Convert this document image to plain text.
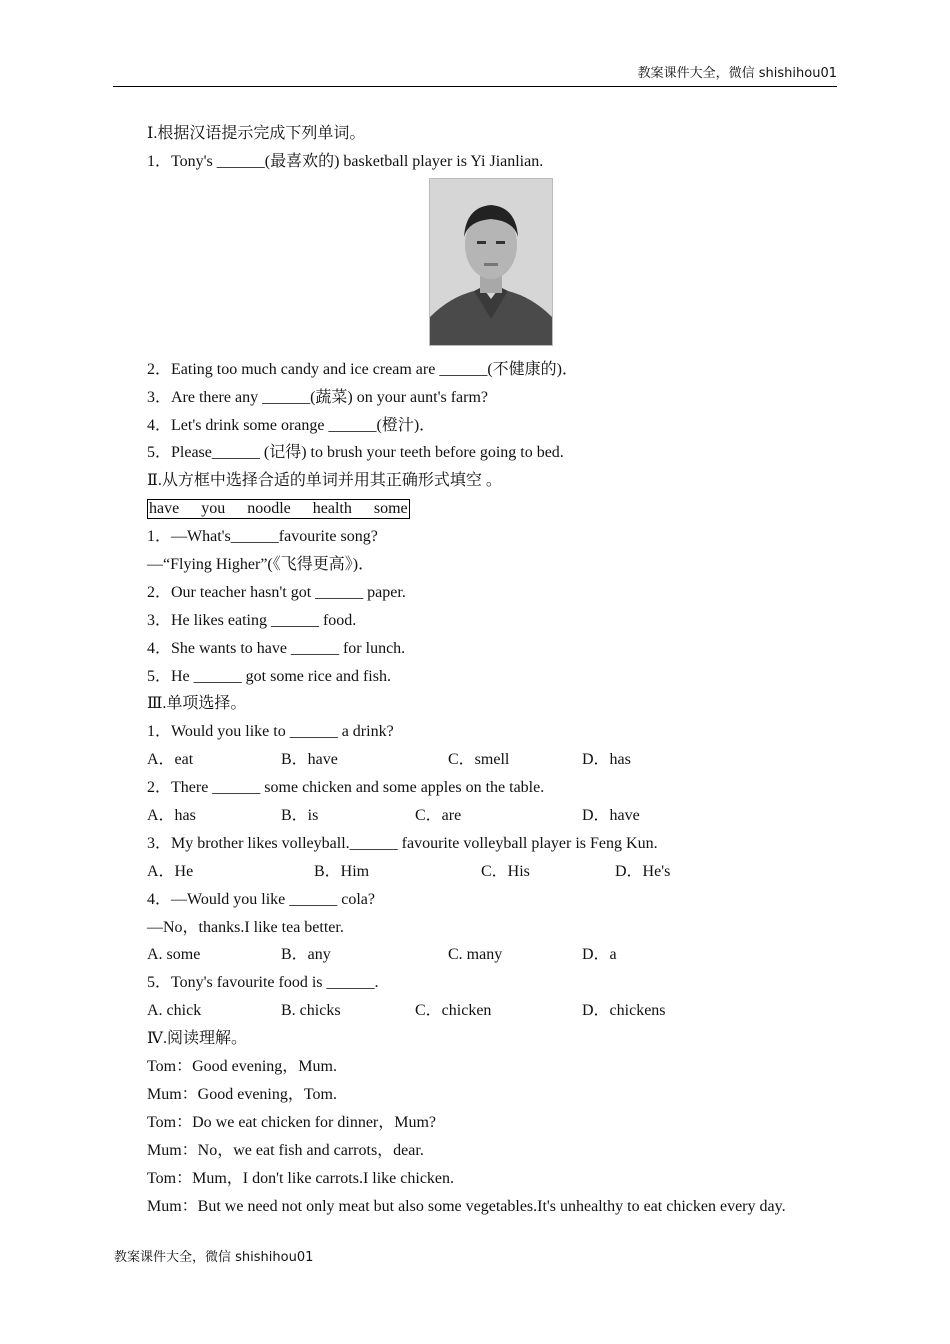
教案课件大全，微信 shishihou01
Ⅰ.根据汉语提示完成下列单词。
1．Tony's ______(最喜欢的) basketball player is Yi Jianlian.
2．Eating too much candy and ice cream are ______(不健康的)．
3．Are there any ______(蔬菜) on your aunt's farm?
4．Let's drink some orange ______(橙汁)．
5．Please______ (记得) to brush your teeth before going to bed.
Ⅱ.从方框中选择合适的单词并用其正确形式填空 。
have you noodle health some
1．—What's______favourite song?
—“Flying Higher”(《飞得更高》)．
2．Our teacher hasn't got ______ paper.
3．He likes eating ______ food.
4．She wants to have ______ for lunch.
5．He ______ got some rice and fish.
Ⅲ.单项选择。
1．Would you like to ______ a drink?
A．eat	B．have	C．smell	D．has
2．There ______ some chicken and some apples on the table.
A．has	B．is	C．are	D．have
3．My brother likes volleyball.______ favourite volleyball player is Feng Kun.
A．He	B．Him	C．His	D．He's
4．—Would you like ______ cola?
—No，thanks.I like tea better.
A. some	B．any	C. many	D．a
5．Tony's favourite food is ______.
A. chick	B. chicks	C．chicken	D．chickens
Ⅳ.阅读理解。
Tom：Good evening，Mum.
Mum：Good evening，Tom.
Tom：Do we eat chicken for dinner，Mum?
Mum：No，we eat fish and carrots，dear.
Tom：Mum，I don't like carrots.I like chicken.
Mum：But we need not only meat but also some vegetables.It's unhealthy to eat chicken every day.
教案课件大全，微信 shishihou01
